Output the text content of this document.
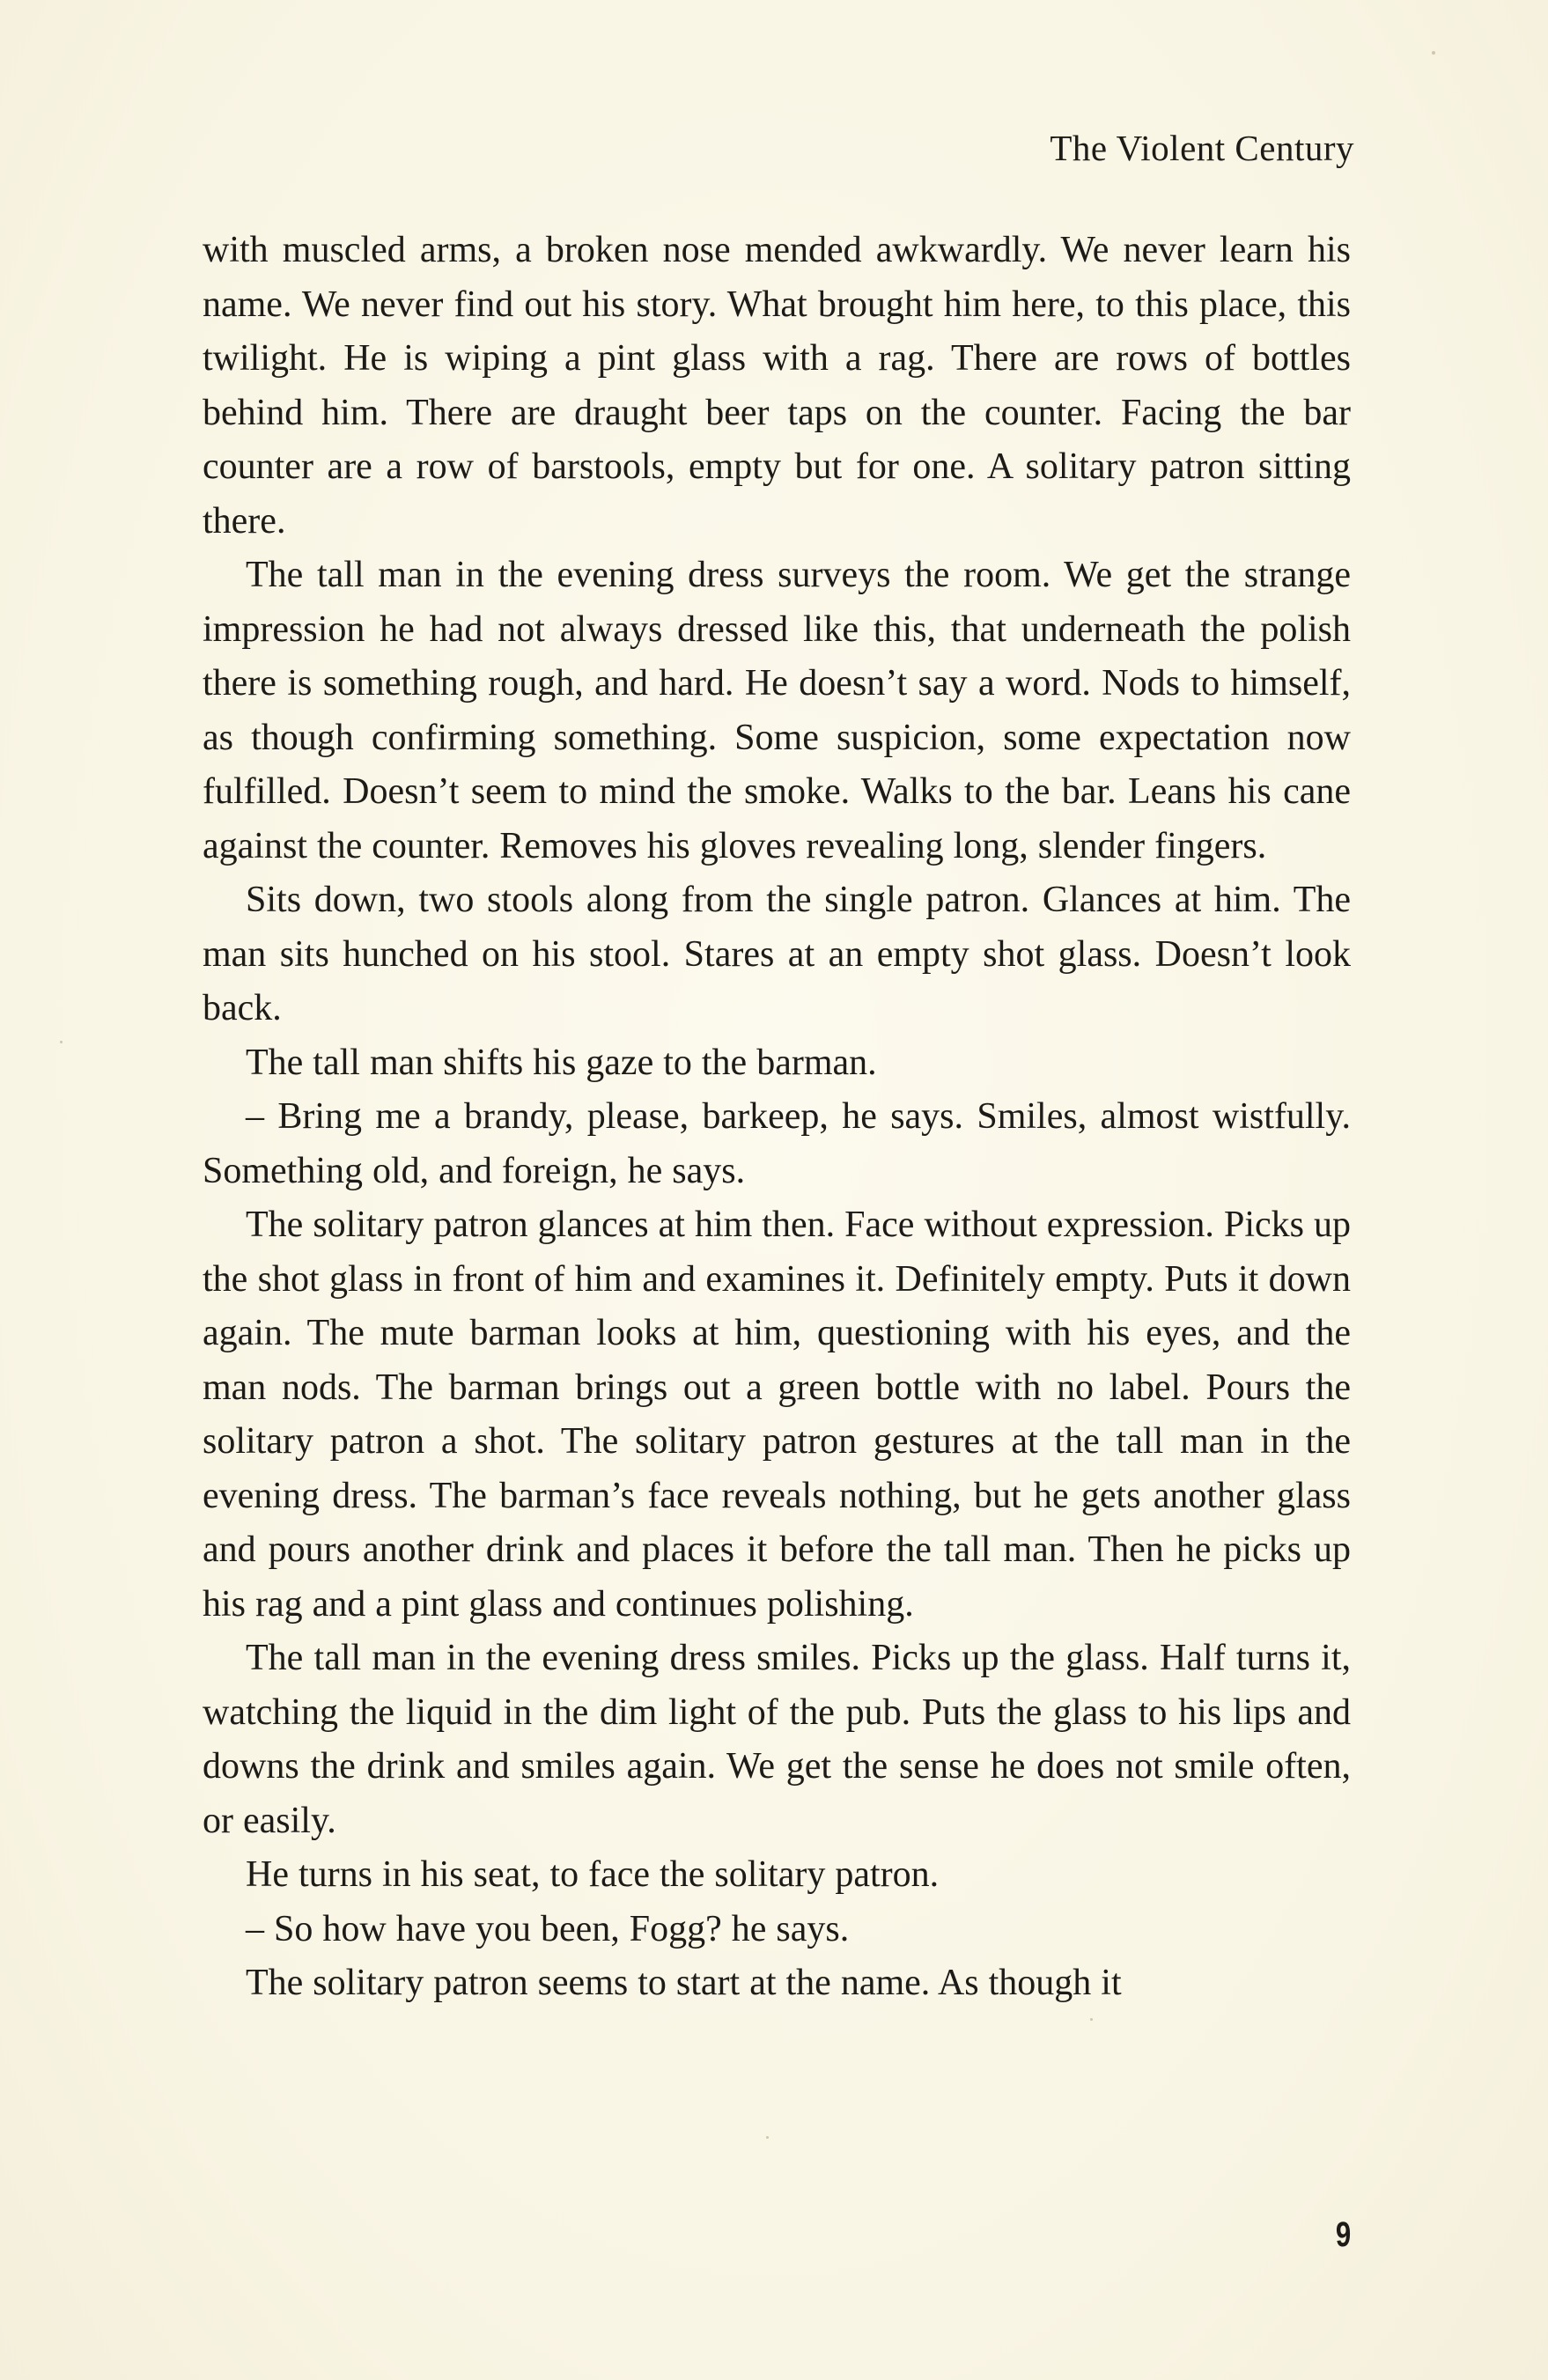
The Violent Century

with muscled arms, a broken nose mended awkwardly. We never learn his name. We never find out his story. What brought him here, to this place, this twilight. He is wiping a pint glass with a rag. There are rows of bottles behind him. There are draught beer taps on the counter. Facing the bar counter are a row of barstools, empty but for one. A solitary patron sitting there.

The tall man in the evening dress surveys the room. We get the strange impression he had not always dressed like this, that underneath the polish there is something rough, and hard. He doesn’t say a word. Nods to himself, as though confirming something. Some suspicion, some expectation now fulfilled. Doesn’t seem to mind the smoke. Walks to the bar. Leans his cane against the counter. Removes his gloves revealing long, slender fingers.

Sits down, two stools along from the single patron. Glances at him. The man sits hunched on his stool. Stares at an empty shot glass. Doesn’t look back.

The tall man shifts his gaze to the barman.

– Bring me a brandy, please, barkeep, he says. Smiles, almost wistfully. Something old, and foreign, he says.

The solitary patron glances at him then. Face without expression. Picks up the shot glass in front of him and examines it. Definitely empty. Puts it down again. The mute barman looks at him, questioning with his eyes, and the man nods. The barman brings out a green bottle with no label. Pours the solitary patron a shot. The solitary patron gestures at the tall man in the evening dress. The barman’s face reveals nothing, but he gets another glass and pours another drink and places it before the tall man. Then he picks up his rag and a pint glass and continues polishing.

The tall man in the evening dress smiles. Picks up the glass. Half turns it, watching the liquid in the dim light of the pub. Puts the glass to his lips and downs the drink and smiles again. We get the sense he does not smile often, or easily.

He turns in his seat, to face the solitary patron.

– So how have you been, Fogg? he says.

The solitary patron seems to start at the name. As though it

9
